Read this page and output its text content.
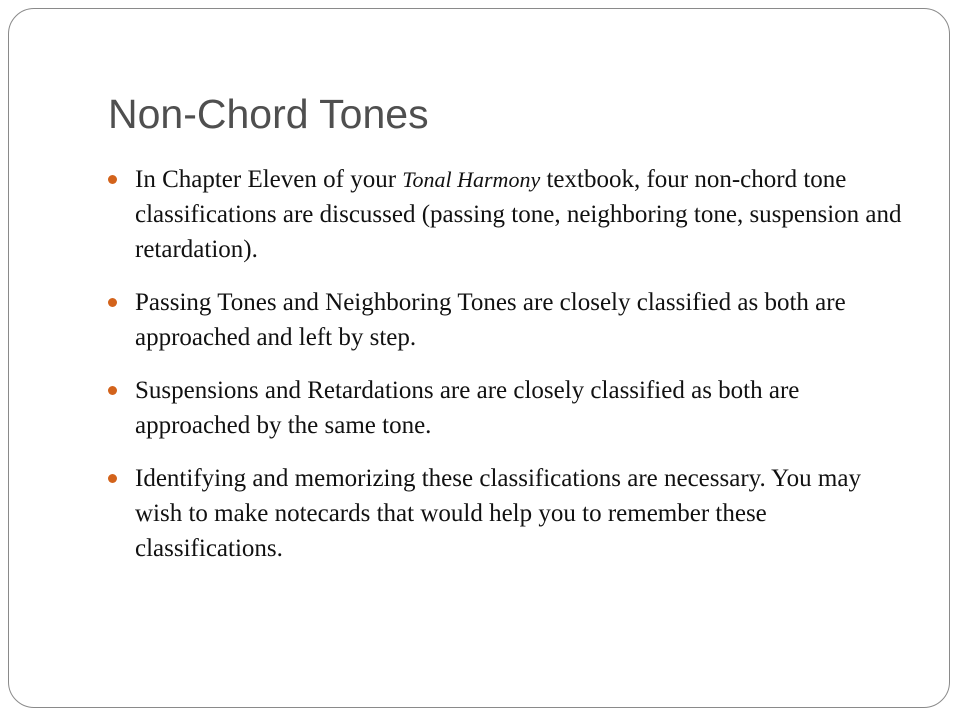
Non-Chord Tones
In Chapter Eleven of your Tonal Harmony textbook, four non-chord tone classifications are discussed (passing tone, neighboring tone, suspension and retardation).
Passing Tones and Neighboring Tones are closely classified as both are approached and left by step.
Suspensions and Retardations are are closely classified as both are approached by the same tone.
Identifying and memorizing these classifications are necessary. You may wish to make notecards that would help you to remember these classifications.
